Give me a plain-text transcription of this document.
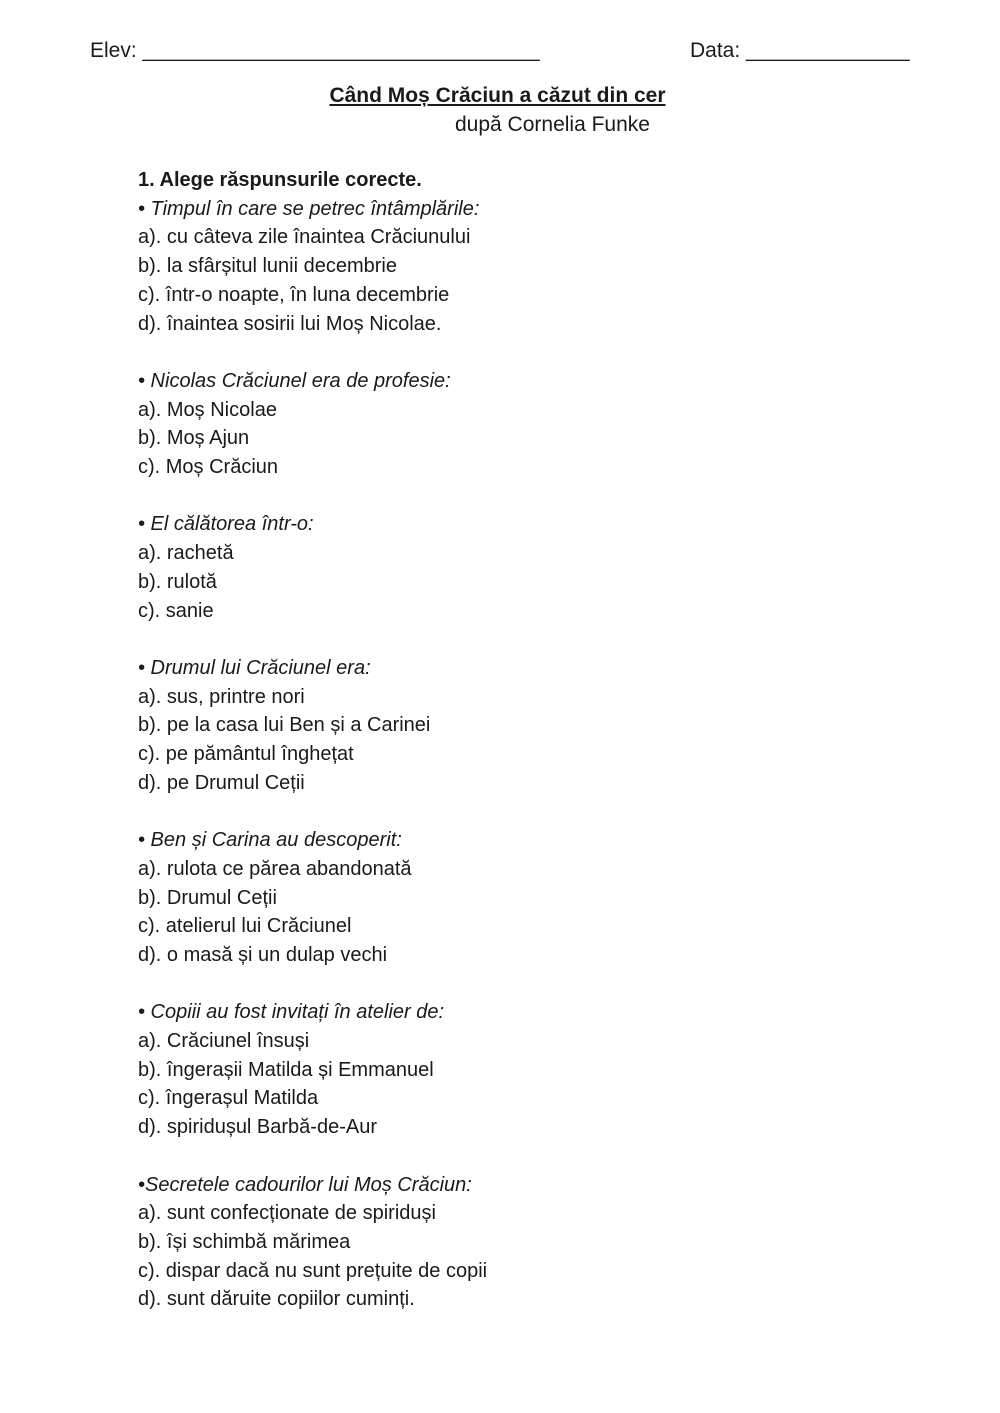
Elev: __________________________________	Data: ______________
Când Moș Crăciun a căzut din cer
după Cornelia Funke

1. Alege răspunsurile corecte.

• Timpul în care se petrec întâmplările:

a). cu câteva zile înaintea Crăciunului

b). la sfârșitul lunii decembrie

c). într-o noapte, în luna decembrie

d). înaintea sosirii lui Moș Nicolae.

• Nicolas Crăciunel era de profesie:

a). Moș Nicolae

b). Moș Ajun

c). Moș Crăciun

• El călătorea într-o:

a). rachetă

b). rulotă

c). sanie

• Drumul lui Crăciunel era:

a). sus, printre nori

b). pe la casa lui Ben și a Carinei

c). pe pământul înghețat

d). pe Drumul Ceții

• Ben și Carina au descoperit:

a). rulota ce părea abandonată

b). Drumul Ceții

c). atelierul lui Crăciunel

d). o masă și un dulap vechi

• Copiii au fost invitați în atelier de:

a). Crăciunel însuși

b). îngerașii Matilda și Emmanuel

c). îngerașul Matilda

d). spiridușul Barbă-de-Aur

•Secretele cadourilor lui Moș Crăciun:

a). sunt confecționate de spiriduși

b). își schimbă mărimea

c). dispar dacă nu sunt prețuite de copii

d). sunt dăruite copiilor cuminți.
